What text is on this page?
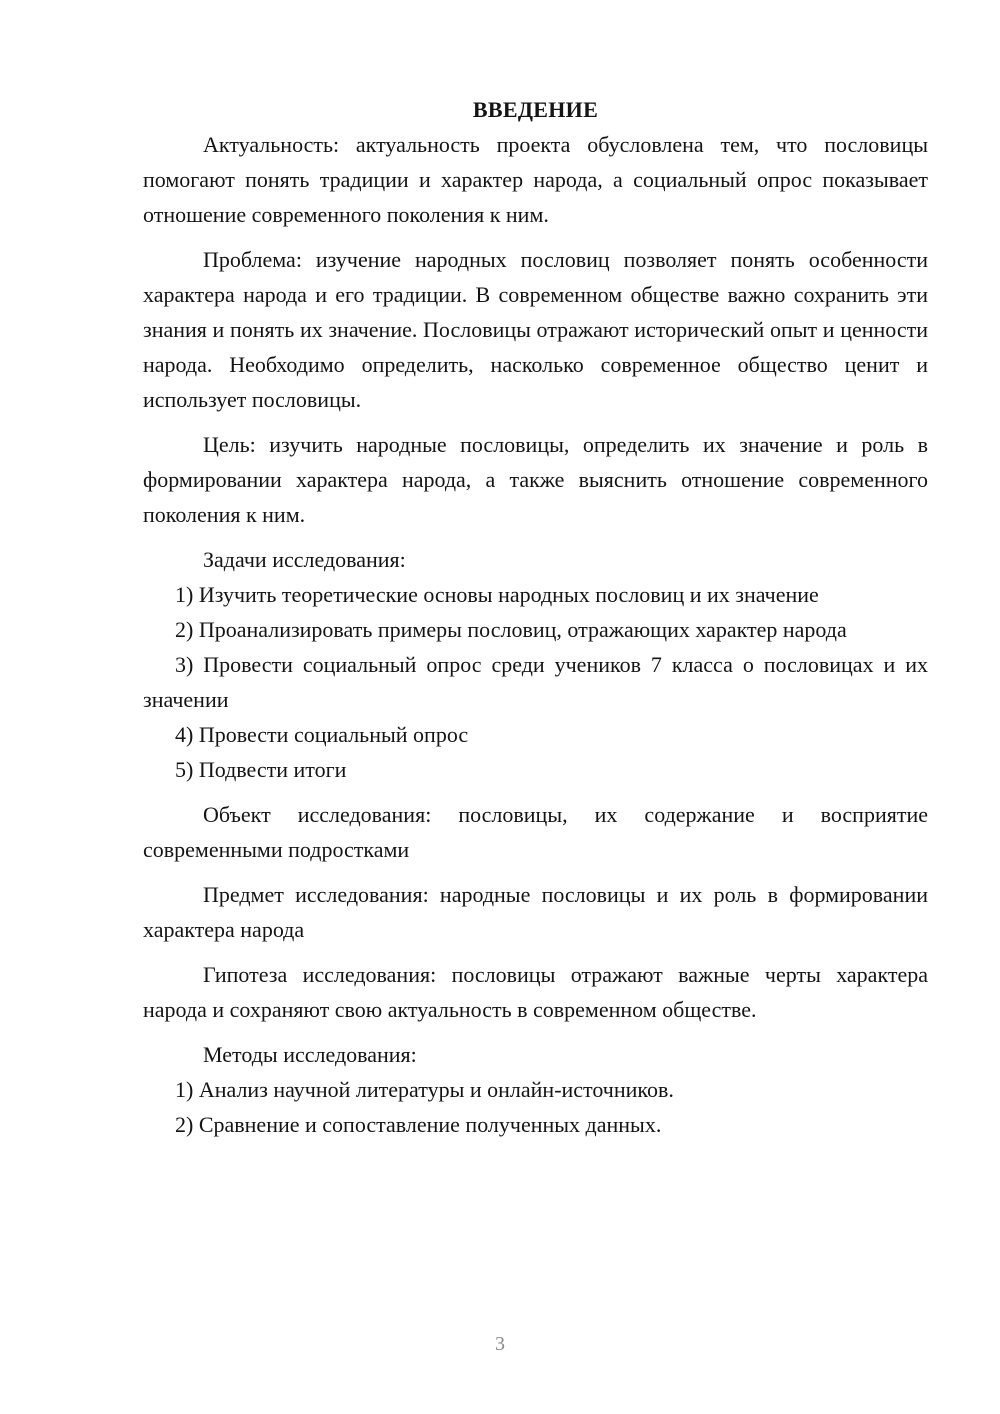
ВВЕДЕНИЕ

Актуальность: актуальность проекта обусловлена тем, что пословицы помогают понять традиции и характер народа, а социальный опрос показывает отношение современного поколения к ним.

Проблема: изучение народных пословиц позволяет понять особенности характера народа и его традиции. В современном обществе важно сохранить эти знания и понять их значение. Пословицы отражают исторический опыт и ценности народа. Необходимо определить, насколько современное общество ценит и использует пословицы.

Цель: изучить народные пословицы, определить их значение и роль в формировании характера народа, а также выяснить отношение современного поколения к ним.

Задачи исследования:

1) Изучить теоретические основы народных пословиц и их значение

2) Проанализировать примеры пословиц, отражающих характер народа

3) Провести социальный опрос среди учеников 7 класса о пословицах и их значении

4) Провести социальный опрос

5) Подвести итоги

Объект исследования: пословицы, их содержание и восприятие современными подростками

Предмет исследования: народные пословицы и их роль в формировании характера народа

Гипотеза исследования: пословицы отражают важные черты характера народа и сохраняют свою актуальность в современном обществе.

Методы исследования:

1) Анализ научной литературы и онлайн-источников.

2) Сравнение и сопоставление полученных данных.

3
